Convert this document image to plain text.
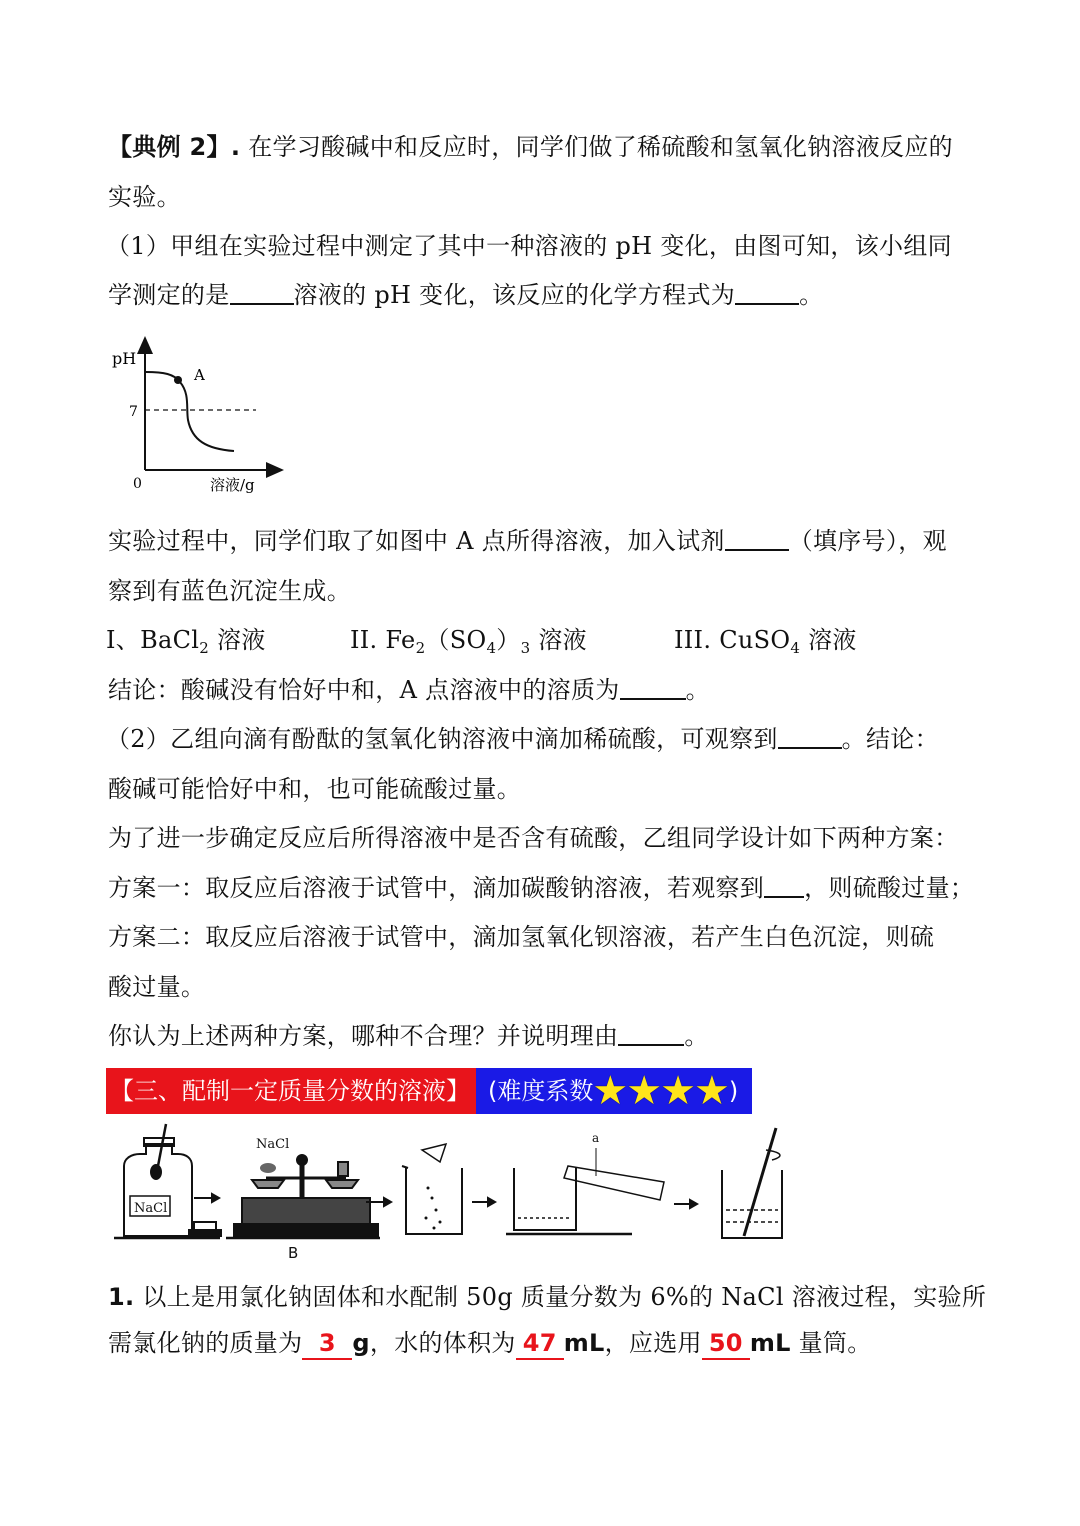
【典例 2】. 在学习酸碱中和反应时，同学们做了稀硫酸和氢氧化钠溶液反应的

实验。

（1）甲组在实验过程中测定了其中一种溶液的 pH 变化，由图可知，该小组同

学测定的是	溶液的 pH 变化，该反应的化学方程式为	。

pH
7
0
A
溶液/g

实验过程中，同学们取了如图中 A 点所得溶液，加入试剂	（填序号），观

察到有蓝色沉淀生成。

I、BaCl$_2$ 溶液	II. $Fe_2(SO_4)_3$ 溶液	III. CuSO$_4$ 溶液

结论：酸碱没有恰好中和，A 点溶液中的溶质为	。

（2）乙组向滴有酚酞的氢氧化钠溶液中滴加稀硫酸，可观察到	。结论：

酸碱可能恰好中和，也可能硫酸过量。

为了进一步确定反应后所得溶液中是否含有硫酸，乙组同学设计如下两种方案：

方案一：取反应后溶液于试管中，滴加碳酸钠溶液，若观察到 ，则硫酸过量；

方案二：取反应后溶液于试管中，滴加氢氧化钡溶液，若产生白色沉淀，则硫

酸过量。

你认为上述两种方案，哪种不合理？并说明理由	。

【三、配制一定质量分数的溶液】 (难度系数 ★
★
★
★ )
NaCl
NaCl
B
a

1. 以上是用氯化钠固体和水配制 50g 质量分数为 6%的 NaCl 溶液过程，实验所

需氯化钠的质量为 3 g，水的体积为 47 mL，应选用 50 mL 量筒。
